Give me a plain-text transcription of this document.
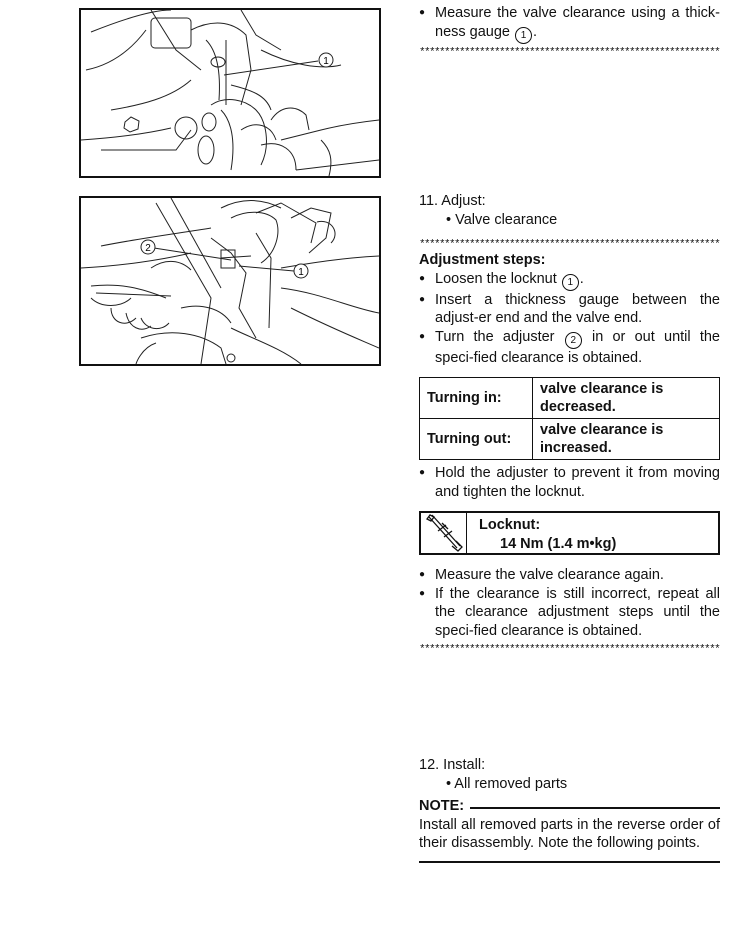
1
2
1
● Measure the valve clearance using a thick-ness gauge 1 .
************************************************************
11. Adjust:
• Valve clearance
************************************************************
Adjustment steps:
● Loosen the locknut 1 .
● Insert a thickness gauge between the adjust-er end and the valve end.
● Turn the adjuster 2 in or out until the speci-fied clearance is obtained.
Turning in:	valve clearance is decreased.
Turning out:	valve clearance is increased.
● Hold the adjuster to prevent it from moving and tighten the locknut.
Locknut:
14 Nm (1.4 m•kg)
● Measure the valve clearance again.
● If the clearance is still incorrect, repeat all the clearance adjustment steps until the speci-fied clearance is obtained.
************************************************************
12. Install:
• All removed parts
NOTE:
Install all removed parts in the reverse order of their disassembly. Note the following points.
